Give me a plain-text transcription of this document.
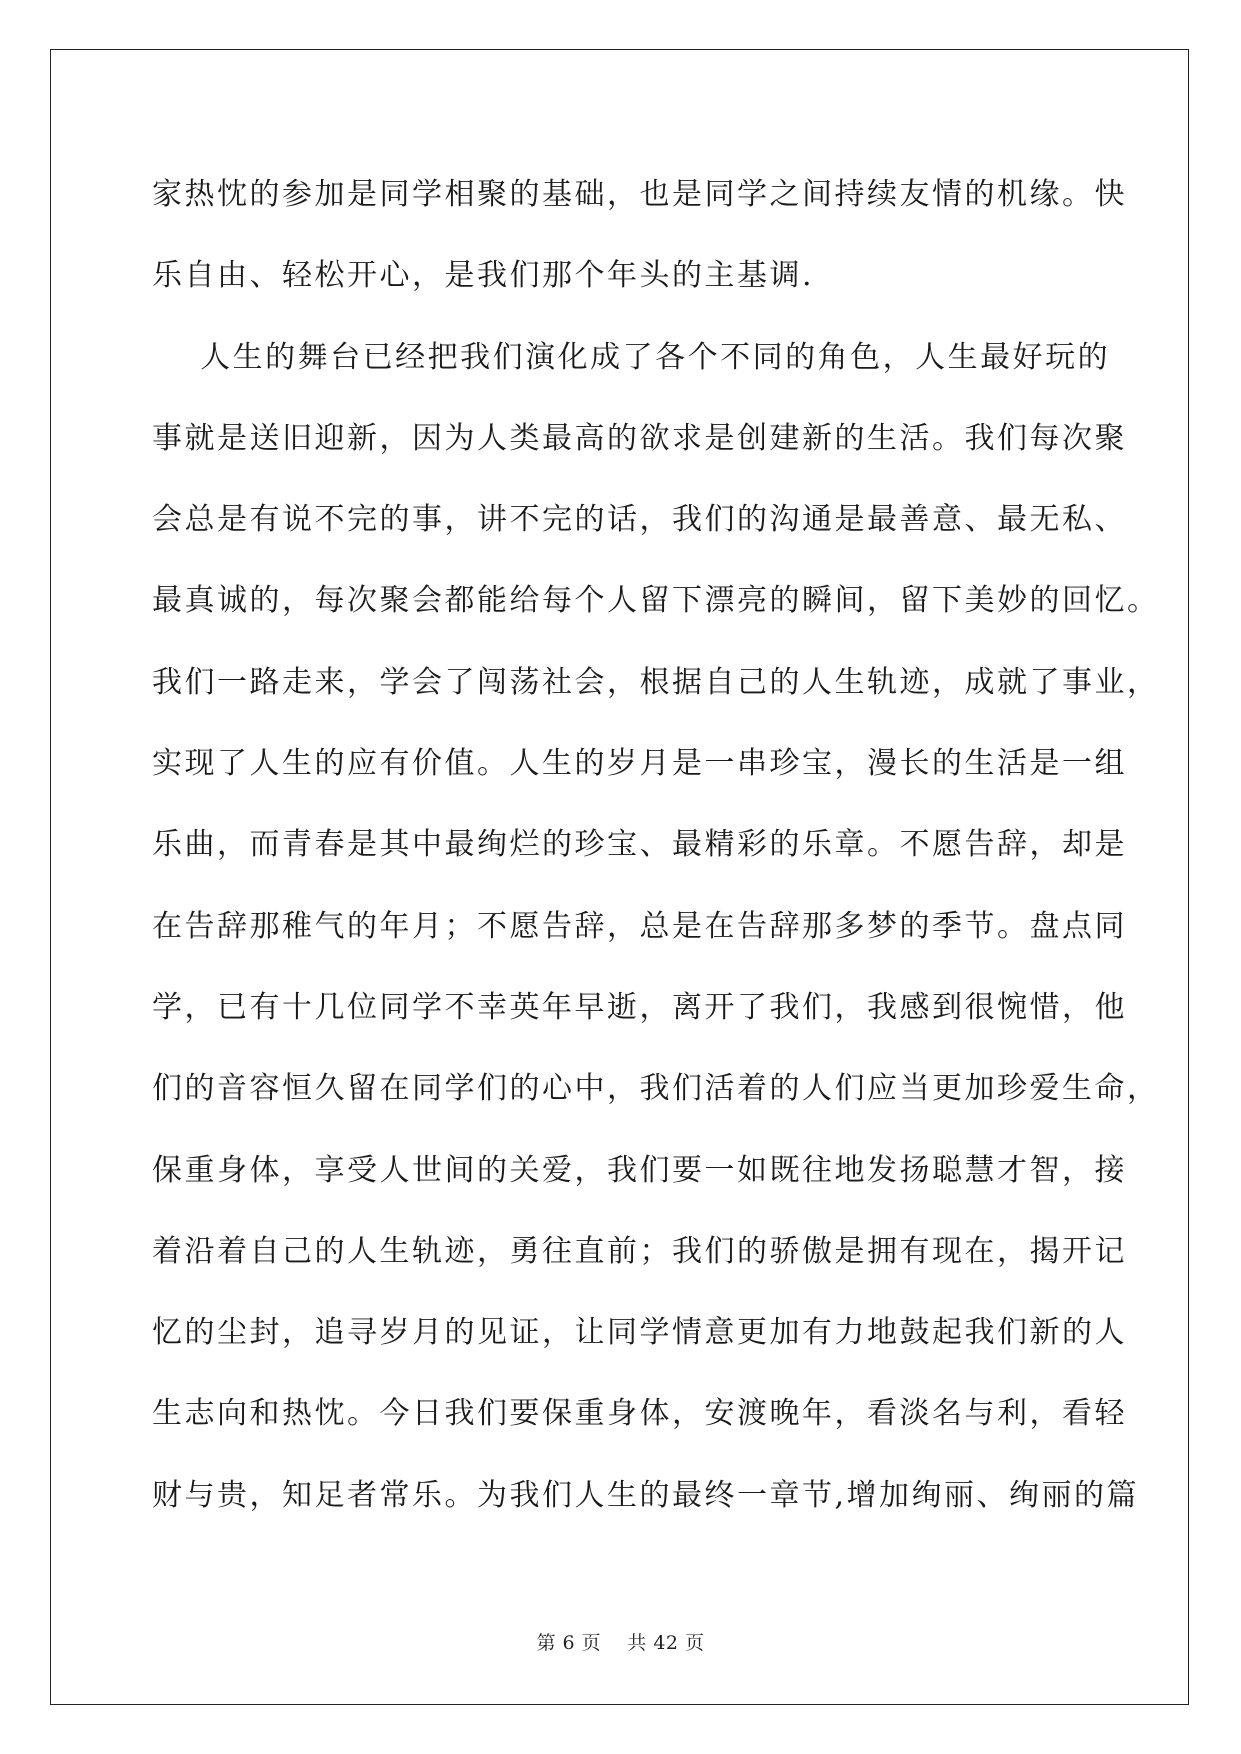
家热忱的参加是同学相聚的基础，也是同学之间持续友情的机缘。快
乐自由、轻松开心，是我们那个年头的主基调.
人生的舞台已经把我们演化成了各个不同的角色，人生最好玩的
事就是送旧迎新，因为人类最高的欲求是创建新的生活。我们每次聚
会总是有说不完的事，讲不完的话，我们的沟通是最善意、最无私、
最真诚的，每次聚会都能给每个人留下漂亮的瞬间，留下美妙的回忆。
我们一路走来，学会了闯荡社会，根据自己的人生轨迹，成就了事业，
实现了人生的应有价值。人生的岁月是一串珍宝，漫长的生活是一组
乐曲，而青春是其中最绚烂的珍宝、最精彩的乐章。不愿告辞，却是
在告辞那稚气的年月；不愿告辞，总是在告辞那多梦的季节。盘点同
学，已有十几位同学不幸英年早逝，离开了我们，我感到很惋惜，他
们的音容恒久留在同学们的心中，我们活着的人们应当更加珍爱生命，
保重身体，享受人世间的关爱，我们要一如既往地发扬聪慧才智，接
着沿着自己的人生轨迹，勇往直前；我们的骄傲是拥有现在，揭开记
忆的尘封，追寻岁月的见证，让同学情意更加有力地鼓起我们新的人
生志向和热忱。今日我们要保重身体，安渡晚年，看淡名与利，看轻
财与贵，知足者常乐。为我们人生的最终一章节,增加绚丽、绚丽的篇
第 6 页    共 42 页
